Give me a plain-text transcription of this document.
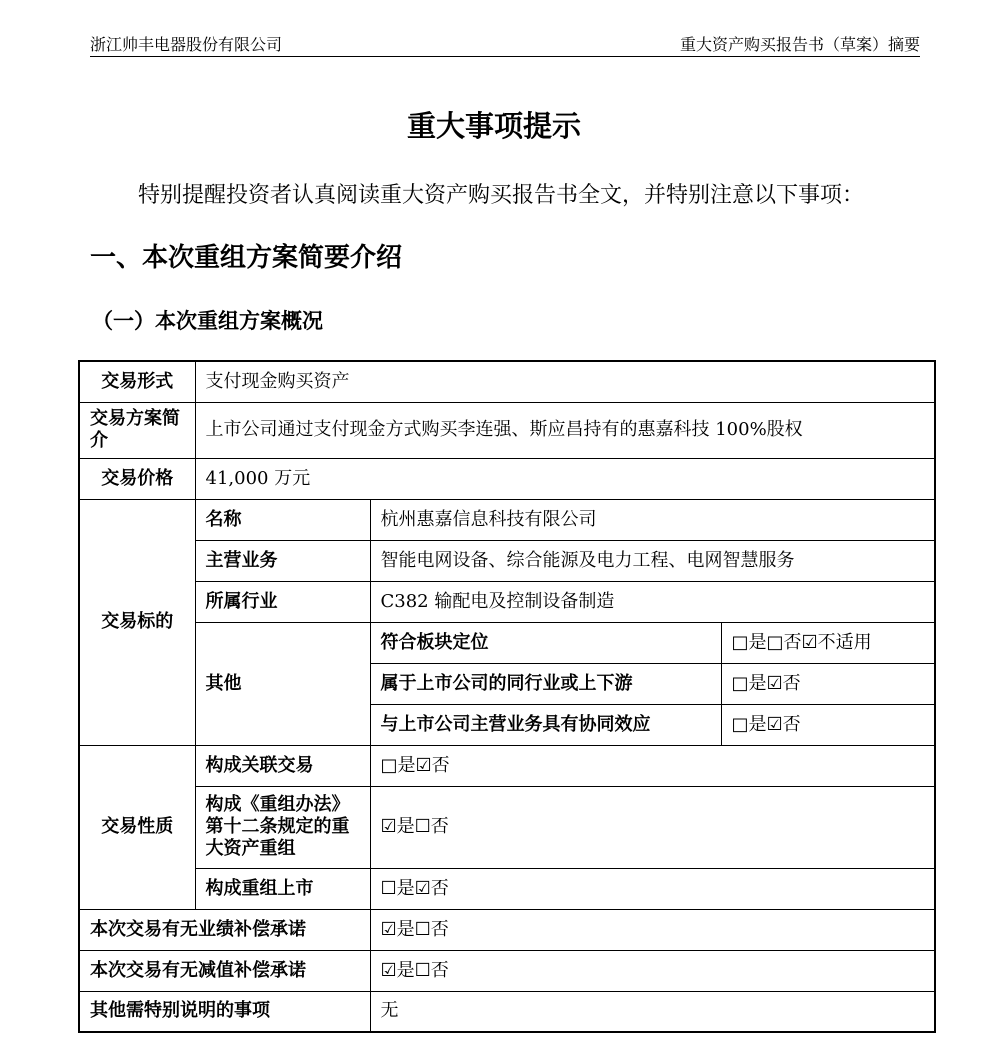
浙江帅丰电器股份有限公司	重大资产购买报告书（草案）摘要
重大事项提示
特别提醒投资者认真阅读重大资产购买报告书全文，并特别注意以下事项：
一、本次重组方案简要介绍
（一）本次重组方案概况
交易形式	支付现金购买资产		
交易方案简介	上市公司通过支付现金方式购买李连强、斯应昌持有的惠嘉科技 100%股权		
交易价格	41,000 万元		
交易标的	名称	杭州惠嘉信息科技有限公司	
	主营业务	智能电网设备、综合能源及电力工程、电网智慧服务	
	所属行业	C382 输配电及控制设备制造	
	其他	符合板块定位	□是□否☑不适用
		属于上市公司的同行业或上下游	□是☑否
		与上市公司主营业务具有协同效应	□是☑否
交易性质	构成关联交易	□是☑否	
	构成《重组办法》第十二条规定的重大资产重组	☑是☐否	
	构成重组上市	☐是☑否	
本次交易有无业绩补偿承诺		☑是☐否	
本次交易有无减值补偿承诺		☑是☐否	
其他需特别说明的事项		无	
